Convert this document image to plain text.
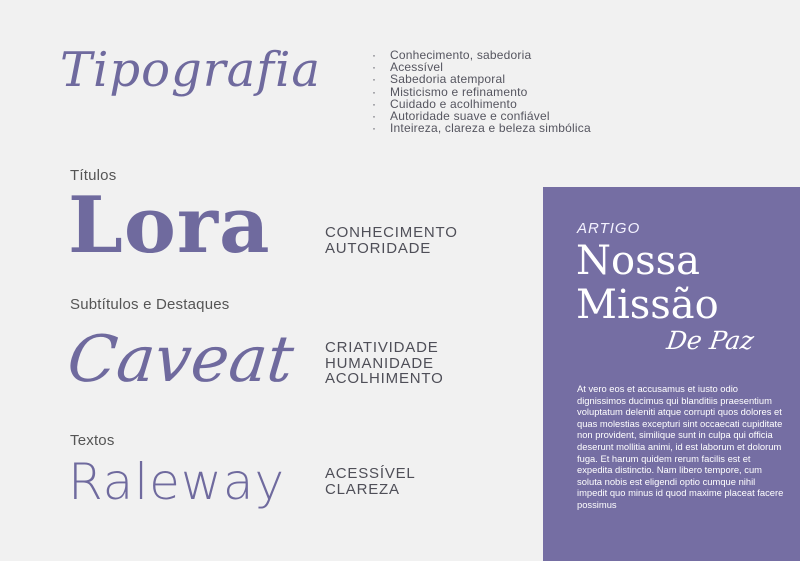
Tipografia
·	Conhecimento, sabedoria
· Acessível
· Sabedoria atemporal
· Misticismo e refinamento
· Cuidado e acolhimento
· Autoridade suave e confiável
· Inteireza, clareza e beleza simbólica
Títulos
Lora	CONHECIMENTO
AUTORIDADE
Subtítulos e Destaques
Caveat CRIATIVIDADE
HUMANIDADE
ACOLHIMENTO
Textos
Raleway	ACESSÍVEL
CLAREZA
ARTIGO
Nossa
Missão
De Paz
At vero eos et accusamus et iusto odio dignissimos ducimus qui blanditiis praesentium voluptatum deleniti atque corrupti quos dolores et quas molestias excepturi sint occaecati cupiditate non provident, similique sunt in culpa qui officia deserunt mollitia animi, id est laborum et dolorum fuga. Et harum quidem rerum facilis est et expedita distinctio. Nam libero tempore, cum soluta nobis est eligendi optio cumque nihil impedit quo minus id quod maxime placeat facere possimus
